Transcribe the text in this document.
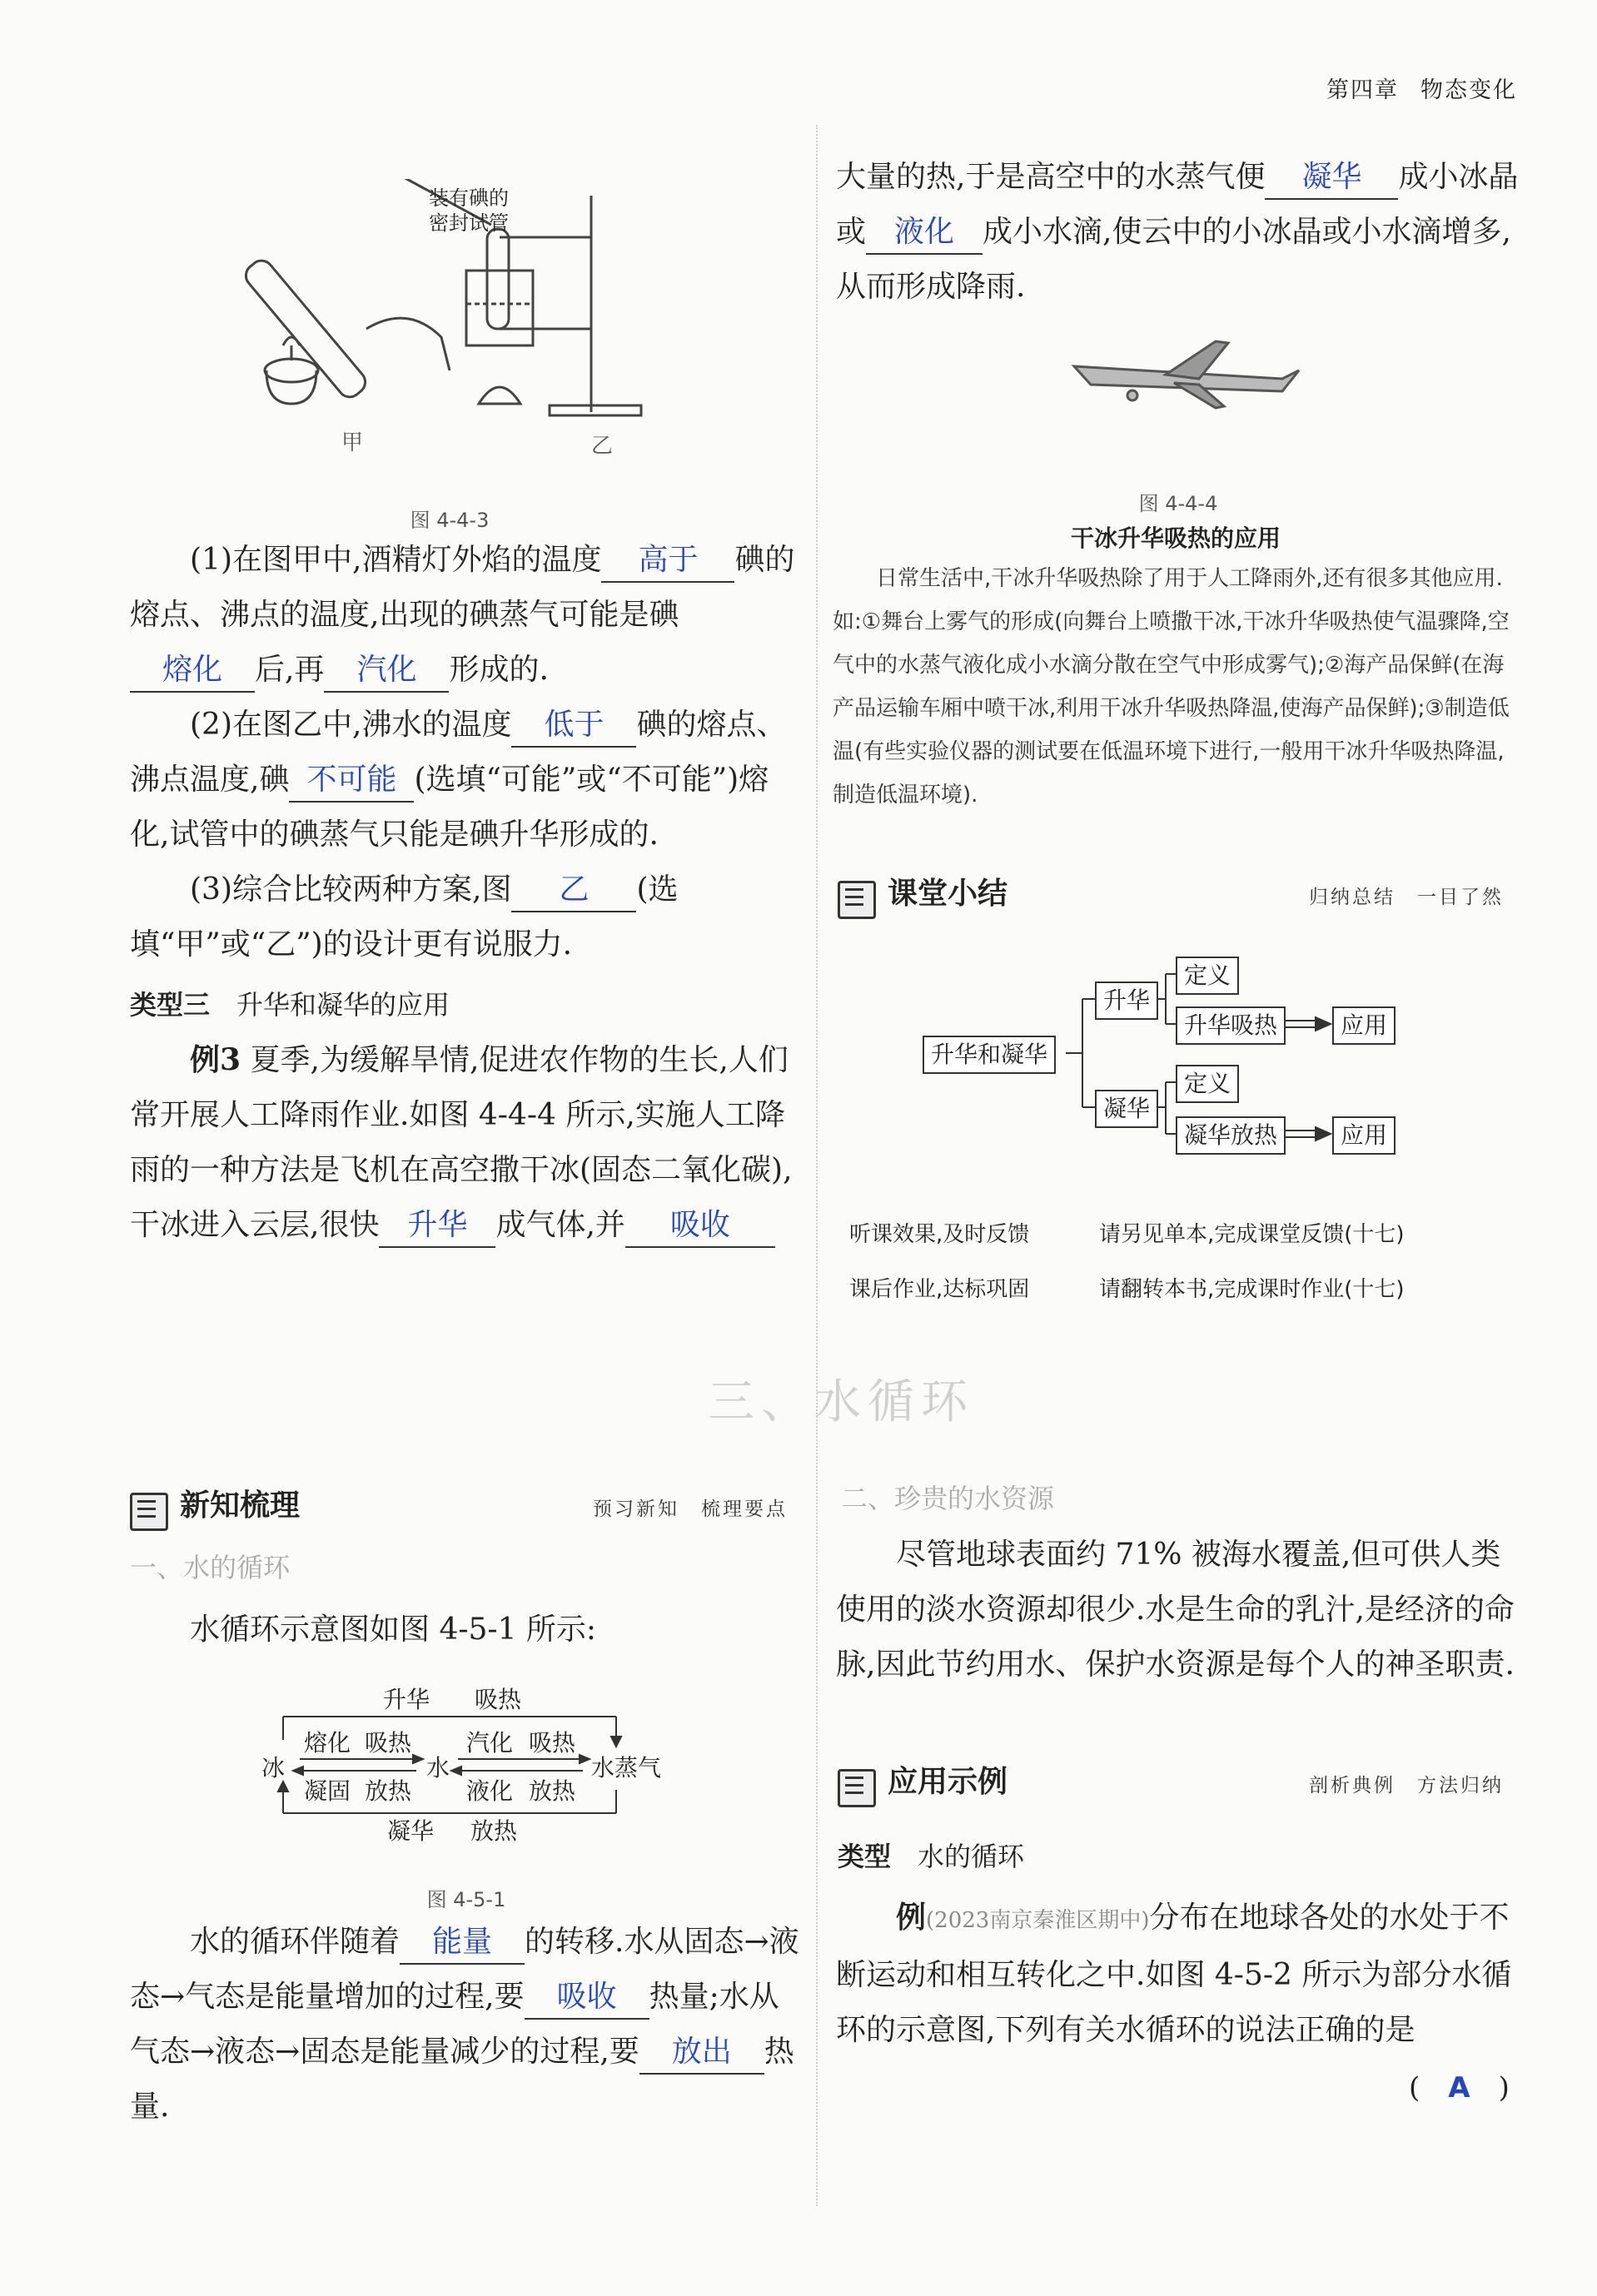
第四章 物态变化
装有碘的
密封试管
甲	乙
图 4-4-3

(1)在图甲中,酒精灯外焰的温度 高于 碘的熔点、沸点的温度,出现的碘蒸气可能是碘熔化 后,再 汽化 形成的.

(2)在图乙中,沸水的温度 低于 碘的熔点、沸点温度,碘 不可能 (选填“可能”或“不可能”)熔化,试管中的碘蒸气只能是碘升华形成的.

(3)综合比较两种方案,图 乙 (选填“甲”或“乙”)的设计更有说服力.

类型三　 升华和凝华的应用

例3 夏季,为缓解旱情,促进农作物的生长,人们常开展人工降雨作业.如图 4-4-4 所示,实施人工降雨的一种方法是飞机在高空撒干冰(固态二氧化碳),干冰进入云层,很快 升华 成气体,并 吸收

大量的热,于是高空中的水蒸气便 凝华 成小冰晶或 液化 成小水滴,使云中的小冰晶或小水滴增多,从而形成降雨.

图 4-4-4
干冰升华吸热的应用
日常生活中,干冰升华吸热除了用于人工降雨外,还有很多其他应用.如:①舞台上雾气的形成(向舞台上喷撒干冰,干冰升华吸热使气温骤降,空气中的水蒸气液化成小水滴分散在空气中形成雾气);②海产品保鲜(在海产品运输车厢中喷干冰,利用干冰升华吸热降温,使海产品保鲜);③制造低温(有些实验仪器的测试要在低温环境下进行,一般用干冰升华吸热降温,制造低温环境).
课堂小结	归纳总结　一目了然
升华和凝华
升华
凝华
定义
升华吸热
定义
凝华放热
应用
应用
听课效果,及时反馈	请另见单本,完成课堂反馈(十七)
课后作业,达标巩固	请翻转本书,完成课时作业(十七)
三、水循环
新知梳理	预习新知　梳理要点
一、水的循环
水循环示意图如图 4-5-1 所示:
升华 吸热
冰	水	水蒸气
熔化 吸热 汽化 吸热
凝固 放热 液化 放热
凝华 放热
图 4-5-1

水的循环伴随着 能量 的转移.水从固态→液态→气态是能量增加的过程,要 吸收 热量;水从气态→液态→固态是能量减少的过程,要 放出 热量.

二、珍贵的水资源

尽管地球表面约 71% 被海水覆盖,但可供人类使用的淡水资源却很少.水是生命的乳汁,是经济的命脉,因此节约用水、保护水资源是每个人的神圣职责.

应用示例	剖析典例　方法归纳
类型　 水的循环

例(2023南京秦淮区期中)分布在地球各处的水处于不断运动和相互转化之中.如图 4-5-2 所示为部分水循环的示意图,下列有关水循环的说法正确的是

(　A　)
